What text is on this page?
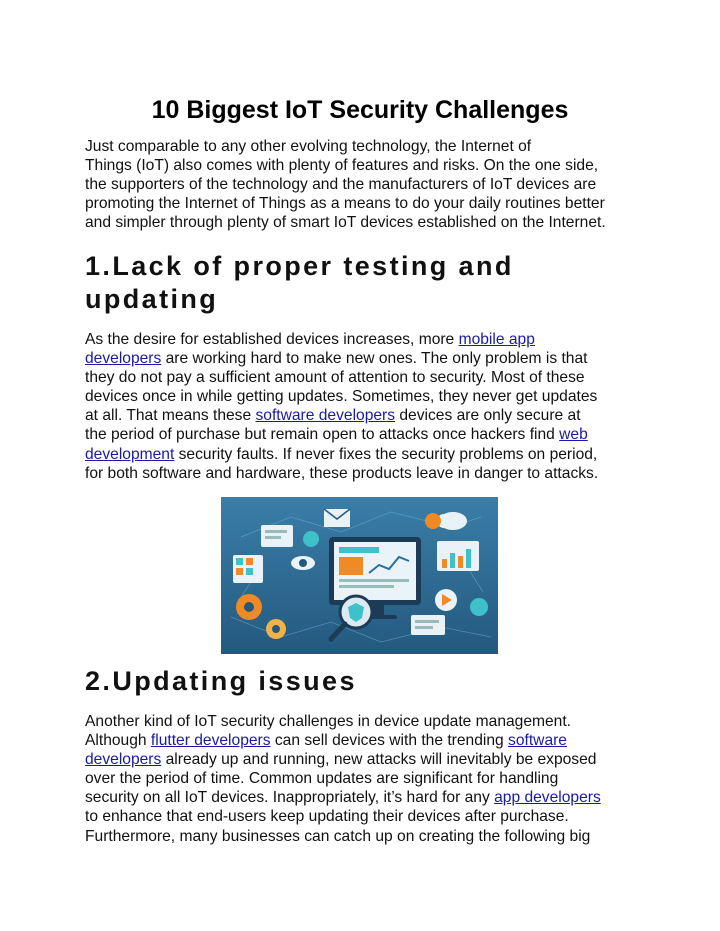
10 Biggest IoT Security Challenges
Just comparable to any other evolving technology, the Internet of
Things (IoT) also comes with plenty of features and risks. On the one side,
the supporters of the technology and the manufacturers of IoT devices are
promoting the Internet of Things as a means to do your daily routines better
and simpler through plenty of smart IoT devices established on the Internet.
1.Lack of proper testing and
updating
As the desire for established devices increases, more mobile app
developers are working hard to make new ones. The only problem is that
they do not pay a sufficient amount of attention to security. Most of these
devices once in while getting updates. Sometimes, they never get updates
at all. That means these software developers devices are only secure at
the period of purchase but remain open to attacks once hackers find web
development security faults. If never fixes the security problems on period,
for both software and hardware, these products leave in danger to attacks.
2.Updating issues
Another kind of IoT security challenges in device update management.
Although flutter developers can sell devices with the trending software
developers already up and running, new attacks will inevitably be exposed
over the period of time. Common updates are significant for handling
security on all IoT devices. Inappropriately, it’s hard for any app developers
to enhance that end-users keep updating their devices after purchase.
Furthermore, many businesses can catch up on creating the following big
